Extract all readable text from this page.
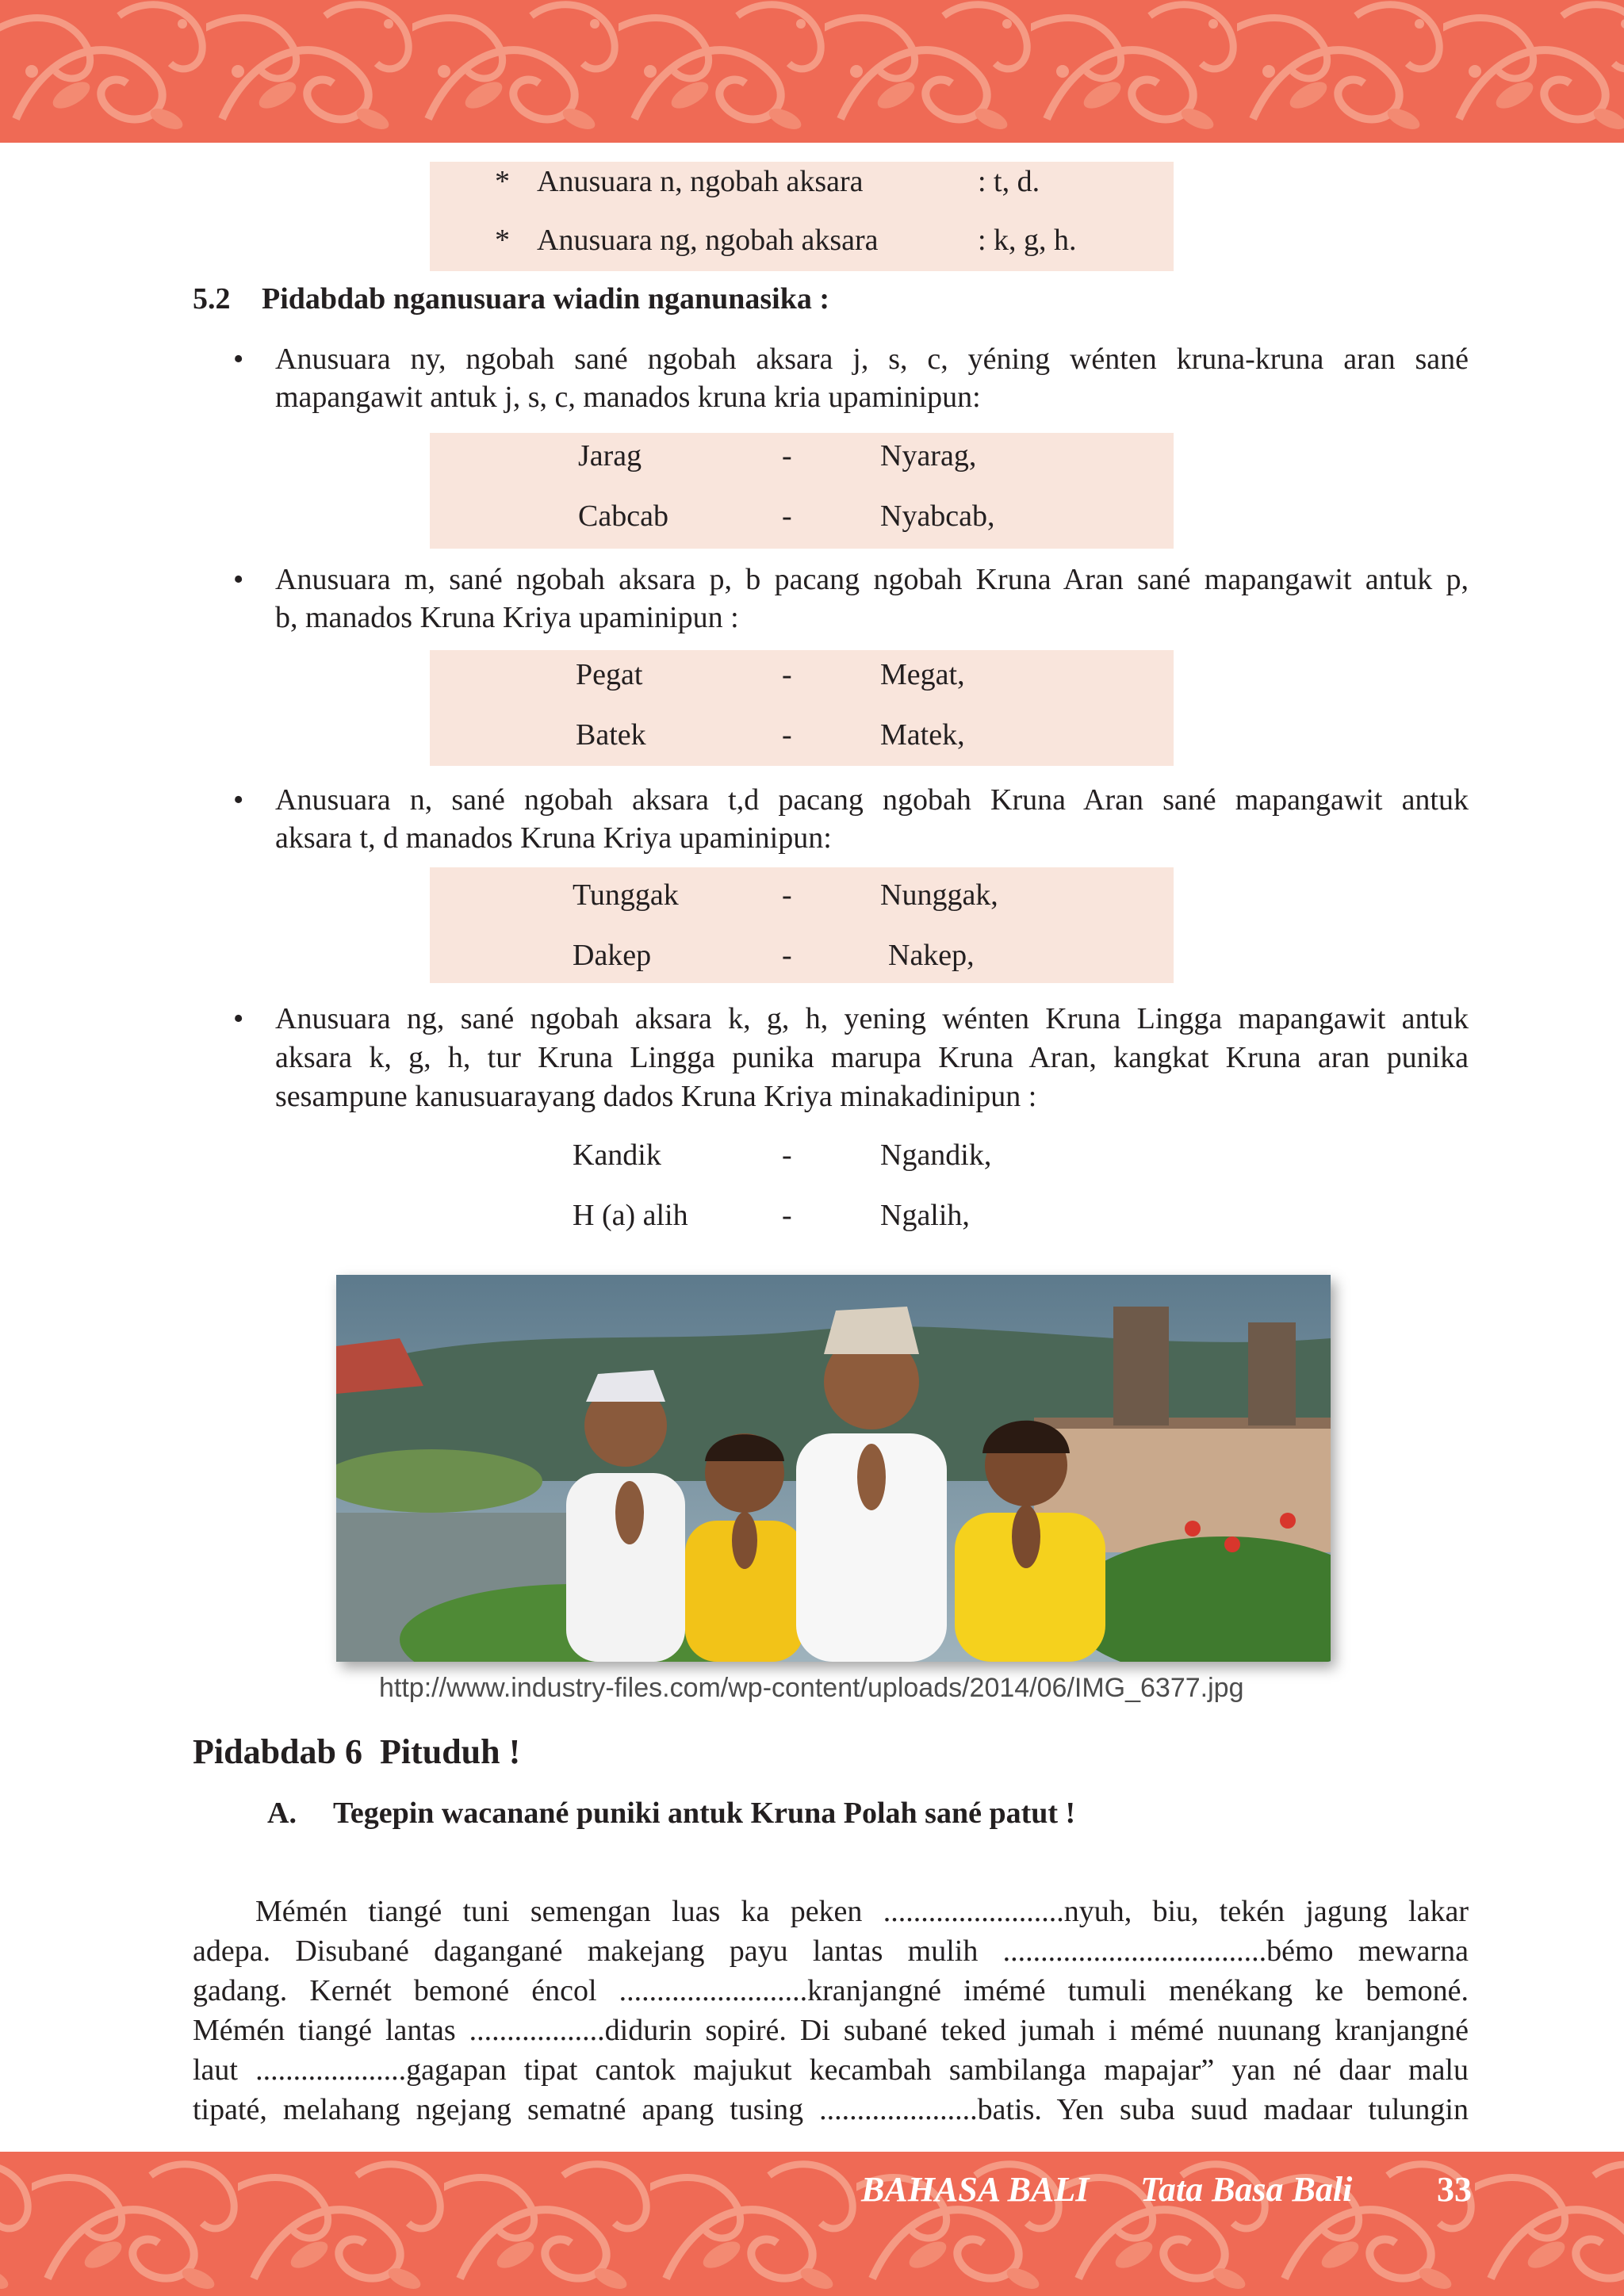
* Anusuara n, ngobah aksara	: t, d.
* Anusuara ng, ngobah aksara	: k, g, h.
5.2 Pidabdab nganusuara wiadin nganunasika :
• Anusuara ny, ngobah sané ngobah aksara j, s, c, yéning wénten kruna-kruna aran sané

mapangawit antuk j, s, c, manados kruna kria upaminipun:

Jarag	-	Nyarag,
Cabcab	-	Nyabcab,
• Anusuara m, sané ngobah aksara p, b pacang ngobah Kruna Aran sané mapangawit antuk p,

b, manados Kruna Kriya upaminipun :

Pegat	-	Megat,
Batek	-	Matek,
• Anusuara n, sané ngobah aksara t,d pacang ngobah Kruna Aran sané mapangawit antuk

aksara t, d manados Kruna Kriya upaminipun:

Tunggak	-	Nunggak,
Dakep	-	Nakep,
• Anusuara ng, sané ngobah aksara k, g, h, yening wénten Kruna Lingga mapangawit antuk

aksara k, g, h, tur Kruna Lingga punika marupa Kruna Aran, kangkat Kruna aran punika

sesampune kanusuarayang dados Kruna Kriya minakadinipun :

Kandik	-	Ngandik,
H (a) alih	-	Ngalih,
http://www.industry-files.com/wp-content/uploads/2014/06/IMG_6377.jpg
Pidabdab 6  Pituduh !
A. Tegepin wacanané puniki antuk Kruna Polah sané patut !

Mémén tiangé tuni semengan luas ka peken ........................nyuh, biu, tekén jagung lakar

adepa. Disubané dagangané makejang payu lantas mulih ...................................bémo mewarna

gadang. Kernét bemoné éncol .........................kranjangné imémé tumuli menékang ke bemoné.

Mémén tiangé lantas ..................didurin sopiré. Di subané teked jumah i mémé nuunang kranjangné

laut ....................gagapan tipat cantok majukut kecambah sambilanga mapajar” yan né daar malu

tipaté, melahang ngejang sematné apang tusing .....................batis. Yen suba suud madaar tulungin

BAHASA BALI Tata Basa Bali 33
